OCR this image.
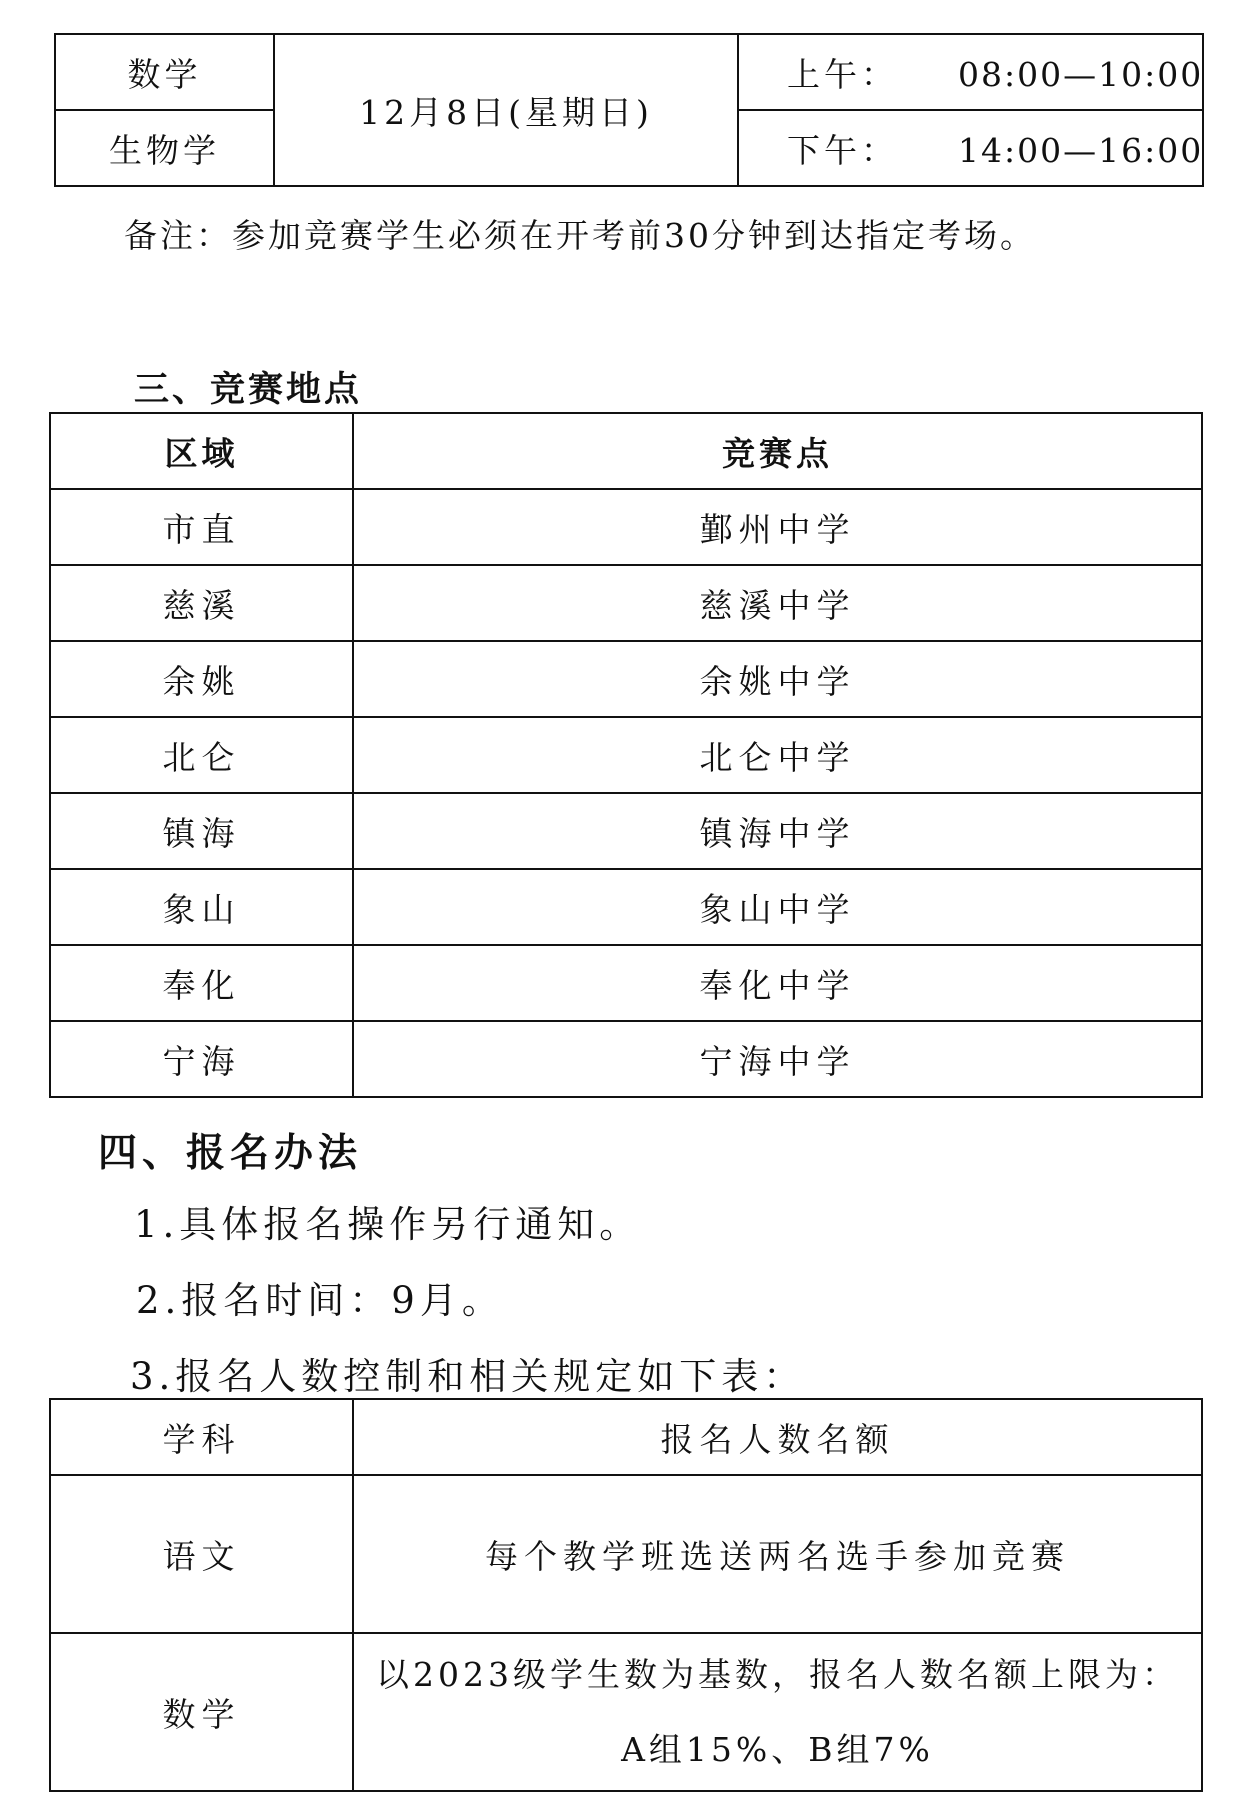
数学	12月8日(星期日)	上午： 08:00—10:00
生物学		下午： 14:00—16:00
备注：参加竞赛学生必须在开考前30分钟到达指定考场。
三、竞赛地点
区域	竞赛点
市直	鄞州中学
慈溪	慈溪中学
余姚	余姚中学
北仑	北仑中学
镇海	镇海中学
象山	象山中学
奉化	奉化中学
宁海	宁海中学
四、报名办法
1.具体报名操作另行通知。
2.报名时间：9月。
3.报名人数控制和相关规定如下表：
学科	报名人数名额
语文	每个教学班选送两名选手参加竞赛

数学	以2023级学生数为基数，报名人数名额上限为：
A组15%、B组7%
